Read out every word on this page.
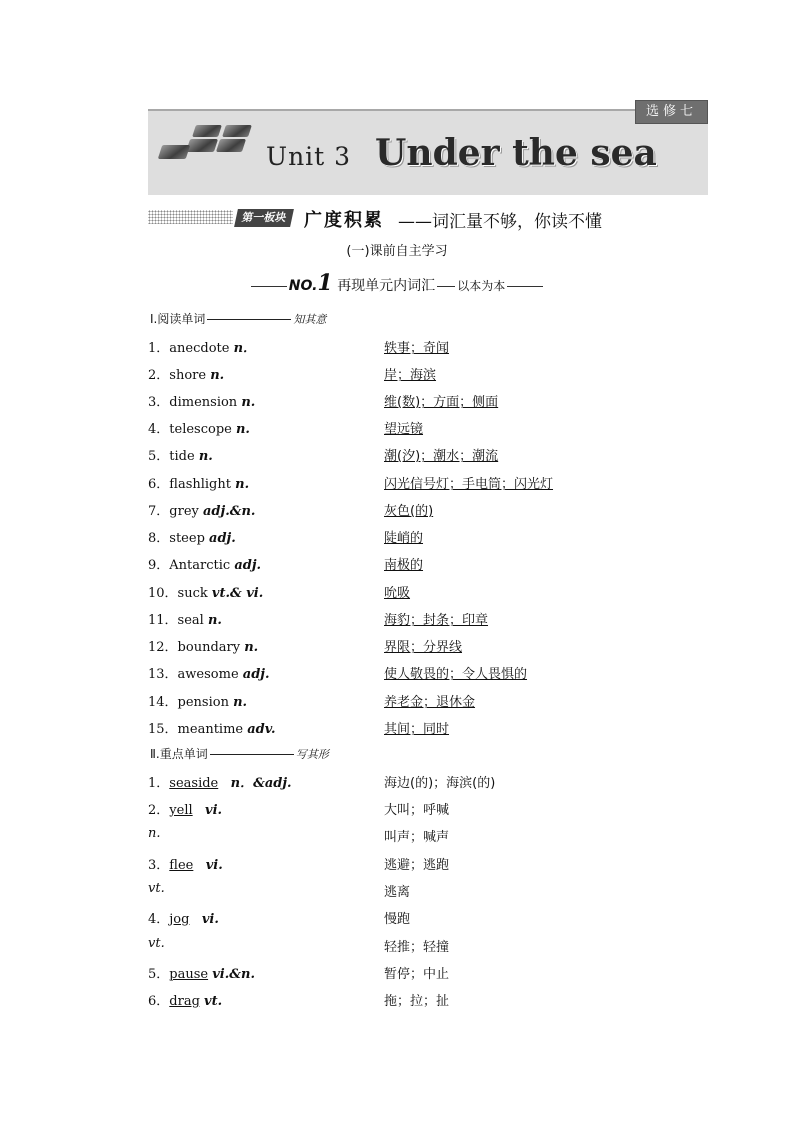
选修七
Unit 3 Under the sea
第一板块 广度积累 ——词汇量不够，你读不懂
(一)课前自主学习
NO.1 再现单元内词汇 以本为本
Ⅰ.阅读单词	知其意
1．anecdote n．	轶事；奇闻
2．shore n.	岸；海滨
3．dimension n.	维(数)；方面；侧面
4．telescope n.	望远镜
5．tide n.	潮(汐)；潮水；潮流
6．flashlight n.	闪光信号灯；手电筒；闪光灯
7．grey adj.&n.	灰色(的)
8．steep adj.	陡峭的
9．Antarctic adj.	南极的
10．suck vt.& vi.	吮吸
11．seal n.	海豹；封条；印章
12．boundary n.	界限；分界线
13．awesome adj.	使人敬畏的；令人畏惧的
14．pension n.	养老金；退休金
15．meantime adv.	其间；同时
Ⅱ.重点单词	写其形
1．seaside n．&adj.	海边(的)；海滨(的)
2．yell vi.	大叫；呼喊
n.	叫声；喊声
3．flee vi.	逃避；逃跑
vt.	逃离
4．jog vi.	慢跑
vt.	轻推；轻撞
5．pause vi.&n.	暂停；中止
6．drag vt.	拖；拉；扯
